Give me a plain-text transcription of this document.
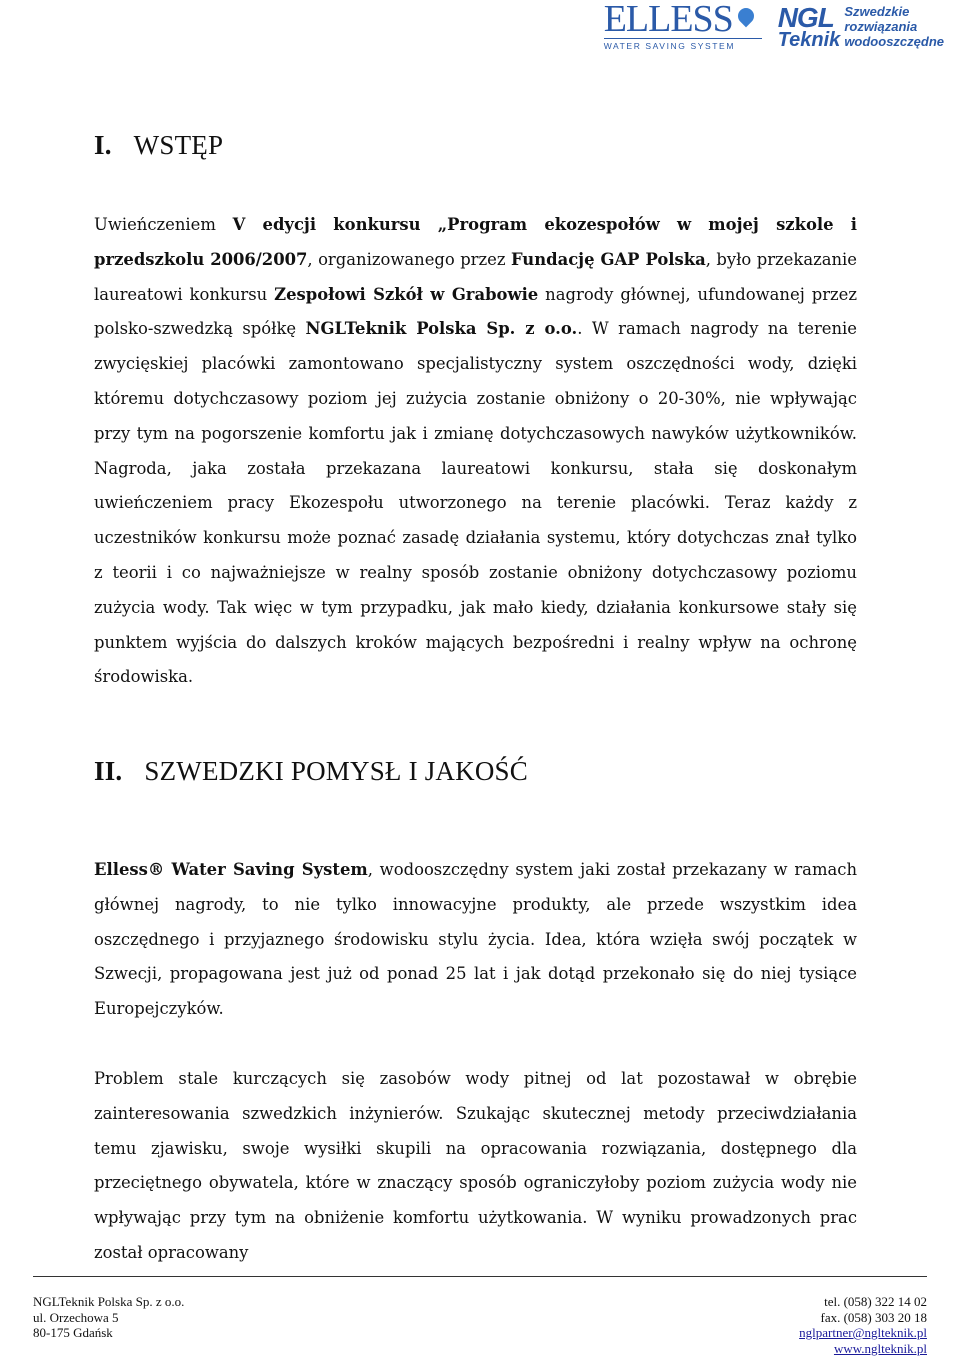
ELLESS
WATER SAVING SYSTEM
NGL
Teknik
Szwedzkie
rozwiązania
wodooszczędne
I. WSTĘP

Uwieńczeniem V edycji konkursu „Program ekozespołów w mojej szkole i przedszkolu 2006/2007, organizowanego przez Fundację GAP Polska, było przekazanie laureatowi konkursu Zespołowi Szkół w Grabowie nagrody głównej, ufundowanej przez polsko-szwedzką spółkę NGLTeknik Polska Sp. z o.o.. W ramach nagrody na terenie zwycięskiej placówki zamontowano specjalistyczny system oszczędności wody, dzięki któremu dotychczasowy poziom jej zużycia zostanie obniżony o 20-30%, nie wpływając przy tym na pogorszenie komfortu jak i zmianę dotychczasowych nawyków użytkowników. Nagroda, jaka została przekazana laureatowi konkursu, stała się doskonałym uwieńczeniem pracy Ekozespołu utworzonego na terenie placówki. Teraz każdy z uczestników konkursu może poznać zasadę działania systemu, który dotychczas znał tylko z teorii i co najważniejsze w realny sposób zostanie obniżony dotychczasowy poziomu zużycia wody. Tak więc w tym przypadku, jak mało kiedy, działania konkursowe stały się punktem wyjścia do dalszych kroków mających bezpośredni i realny wpływ na ochronę środowiska.

II. SZWEDZKI POMYSŁ I JAKOŚĆ

Elless® Water Saving System, wodooszczędny system jaki został przekazany w ramach głównej nagrody, to nie tylko innowacyjne produkty, ale przede wszystkim idea oszczędnego i przyjaznego środowisku stylu życia. Idea, która wzięła swój początek w Szwecji, propagowana jest już od ponad 25 lat i jak dotąd przekonało się do niej tysiące Europejczyków.

Problem stale kurczących się zasobów wody pitnej od lat pozostawał w obrębie zainteresowania szwedzkich inżynierów. Szukając skutecznej metody przeciwdziałania temu zjawisku, swoje wysiłki skupili na opracowania rozwiązania, dostępnego dla przeciętnego obywatela, które w znaczący sposób ograniczyłoby poziom zużycia wody nie wpływając przy tym na obniżenie komfortu użytkowania. W wyniku prowadzonych prac został opracowany

NGLTeknik Polska Sp. z o.o.
ul. Orzechowa 5
80-175 Gdańsk
tel. (058) 322 14 02
fax. (058) 303 20 18
nglpartner@nglteknik.pl
www.nglteknik.pl
